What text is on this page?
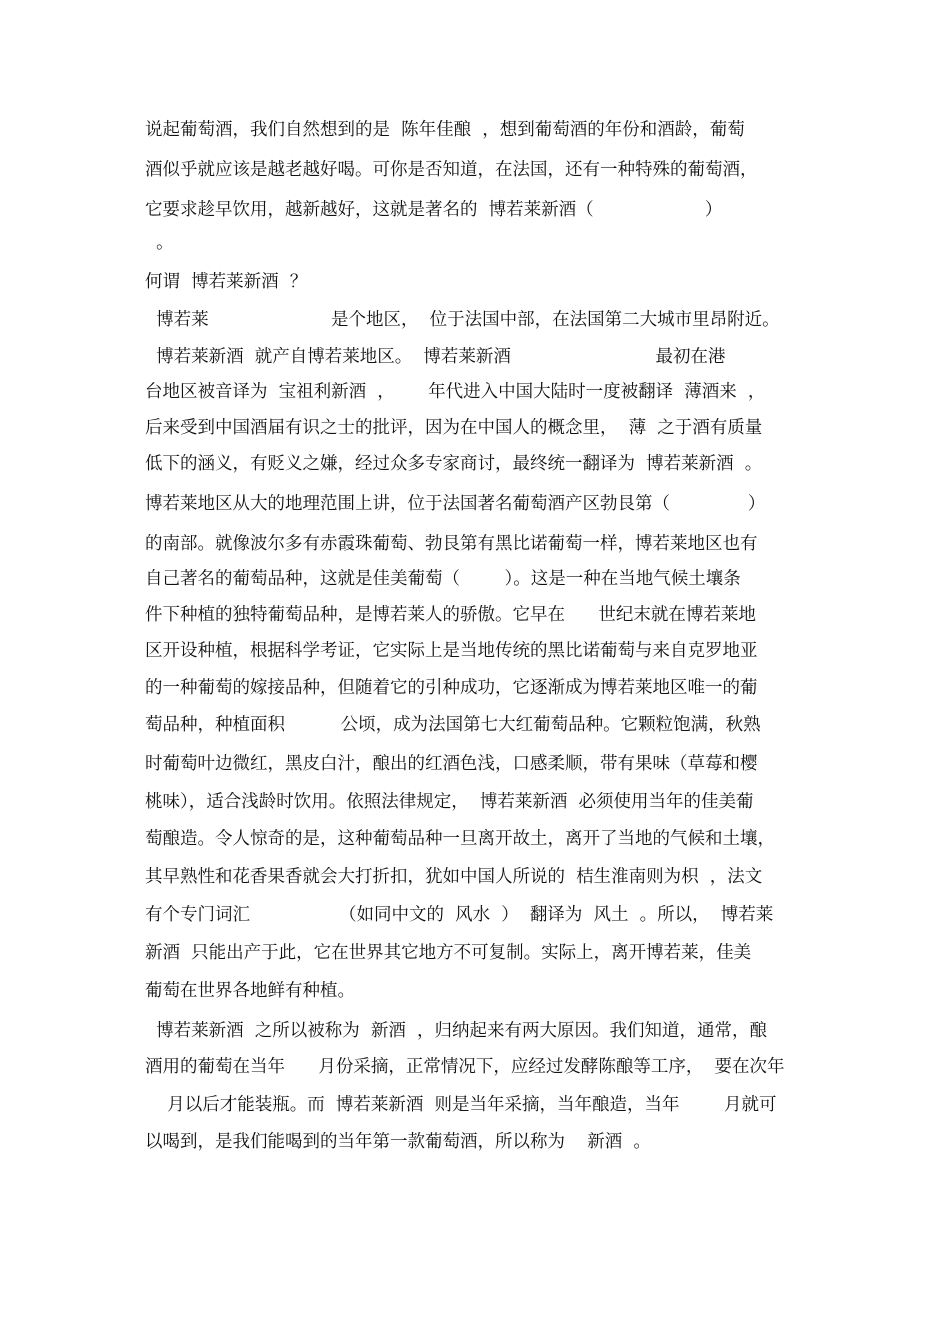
说起葡萄酒，我们自然想到的是  陈年佳酿  ，想到葡萄酒的年份和酒龄，葡萄
酒似乎就应该是越老越好喝。可你是否知道，在法国，还有一种特殊的葡萄酒，
它要求趁早饮用，越新越好，这就是著名的  博若莱新酒（                    ）
。
何谓  博若莱新酒  ？
博若莱                      是个地区，  位于法国中部，在法国第二大城市里昂附近。
博若莱新酒  就产自博若莱地区。  博若莱新酒                          最初在港
台地区被音译为  宝祖利新酒  ，      年代进入中国大陆时一度被翻译  薄酒来  ，
后来受到中国酒届有识之士的批评，因为在中国人的概念里，  薄  之于酒有质量
低下的涵义，有贬义之嫌，经过众多专家商讨，最终统一翻译为  博若莱新酒  。
博若莱地区从大的地理范围上讲，位于法国著名葡萄酒产区勃艮第（              ）
的南部。就像波尔多有赤霞珠葡萄、勃艮第有黑比诺葡萄一样，博若莱地区也有
自己著名的葡萄品种，这就是佳美葡萄（        ）。这是一种在当地气候土壤条
件下种植的独特葡萄品种，是博若莱人的骄傲。它早在      世纪末就在博若莱地
区开设种植，根据科学考证，它实际上是当地传统的黑比诺葡萄与来自克罗地亚
的一种葡萄的嫁接品种，但随着它的引种成功，它逐渐成为博若莱地区唯一的葡
萄品种，种植面积          公顷，成为法国第七大红葡萄品种。它颗粒饱满，秋熟
时葡萄叶边微红，黑皮白汁，酿出的红酒色浅，口感柔顺，带有果味（草莓和樱
桃味），适合浅龄时饮用。依照法律规定，  博若莱新酒  必须使用当年的佳美葡
萄酿造。令人惊奇的是，这种葡萄品种一旦离开故土，离开了当地的气候和土壤，
其早熟性和花香果香就会大打折扣，犹如中国人所说的  桔生淮南则为枳  ，法文
有个专门词汇                （如同中文的  风水  ）  翻译为  风土  。所以，  博若莱
新酒  只能出产于此，它在世界其它地方不可复制。实际上，离开博若莱，佳美
葡萄在世界各地鲜有种植。
博若莱新酒  之所以被称为  新酒  ，归纳起来有两大原因。我们知道，通常，酿
酒用的葡萄在当年      月份采摘，正常情况下，应经过发酵陈酿等工序，  要在次年
月以后才能装瓶。而  博若莱新酒  则是当年采摘，当年酿造，当年        月就可
以喝到，是我们能喝到的当年第一款葡萄酒，所以称为    新酒  。
